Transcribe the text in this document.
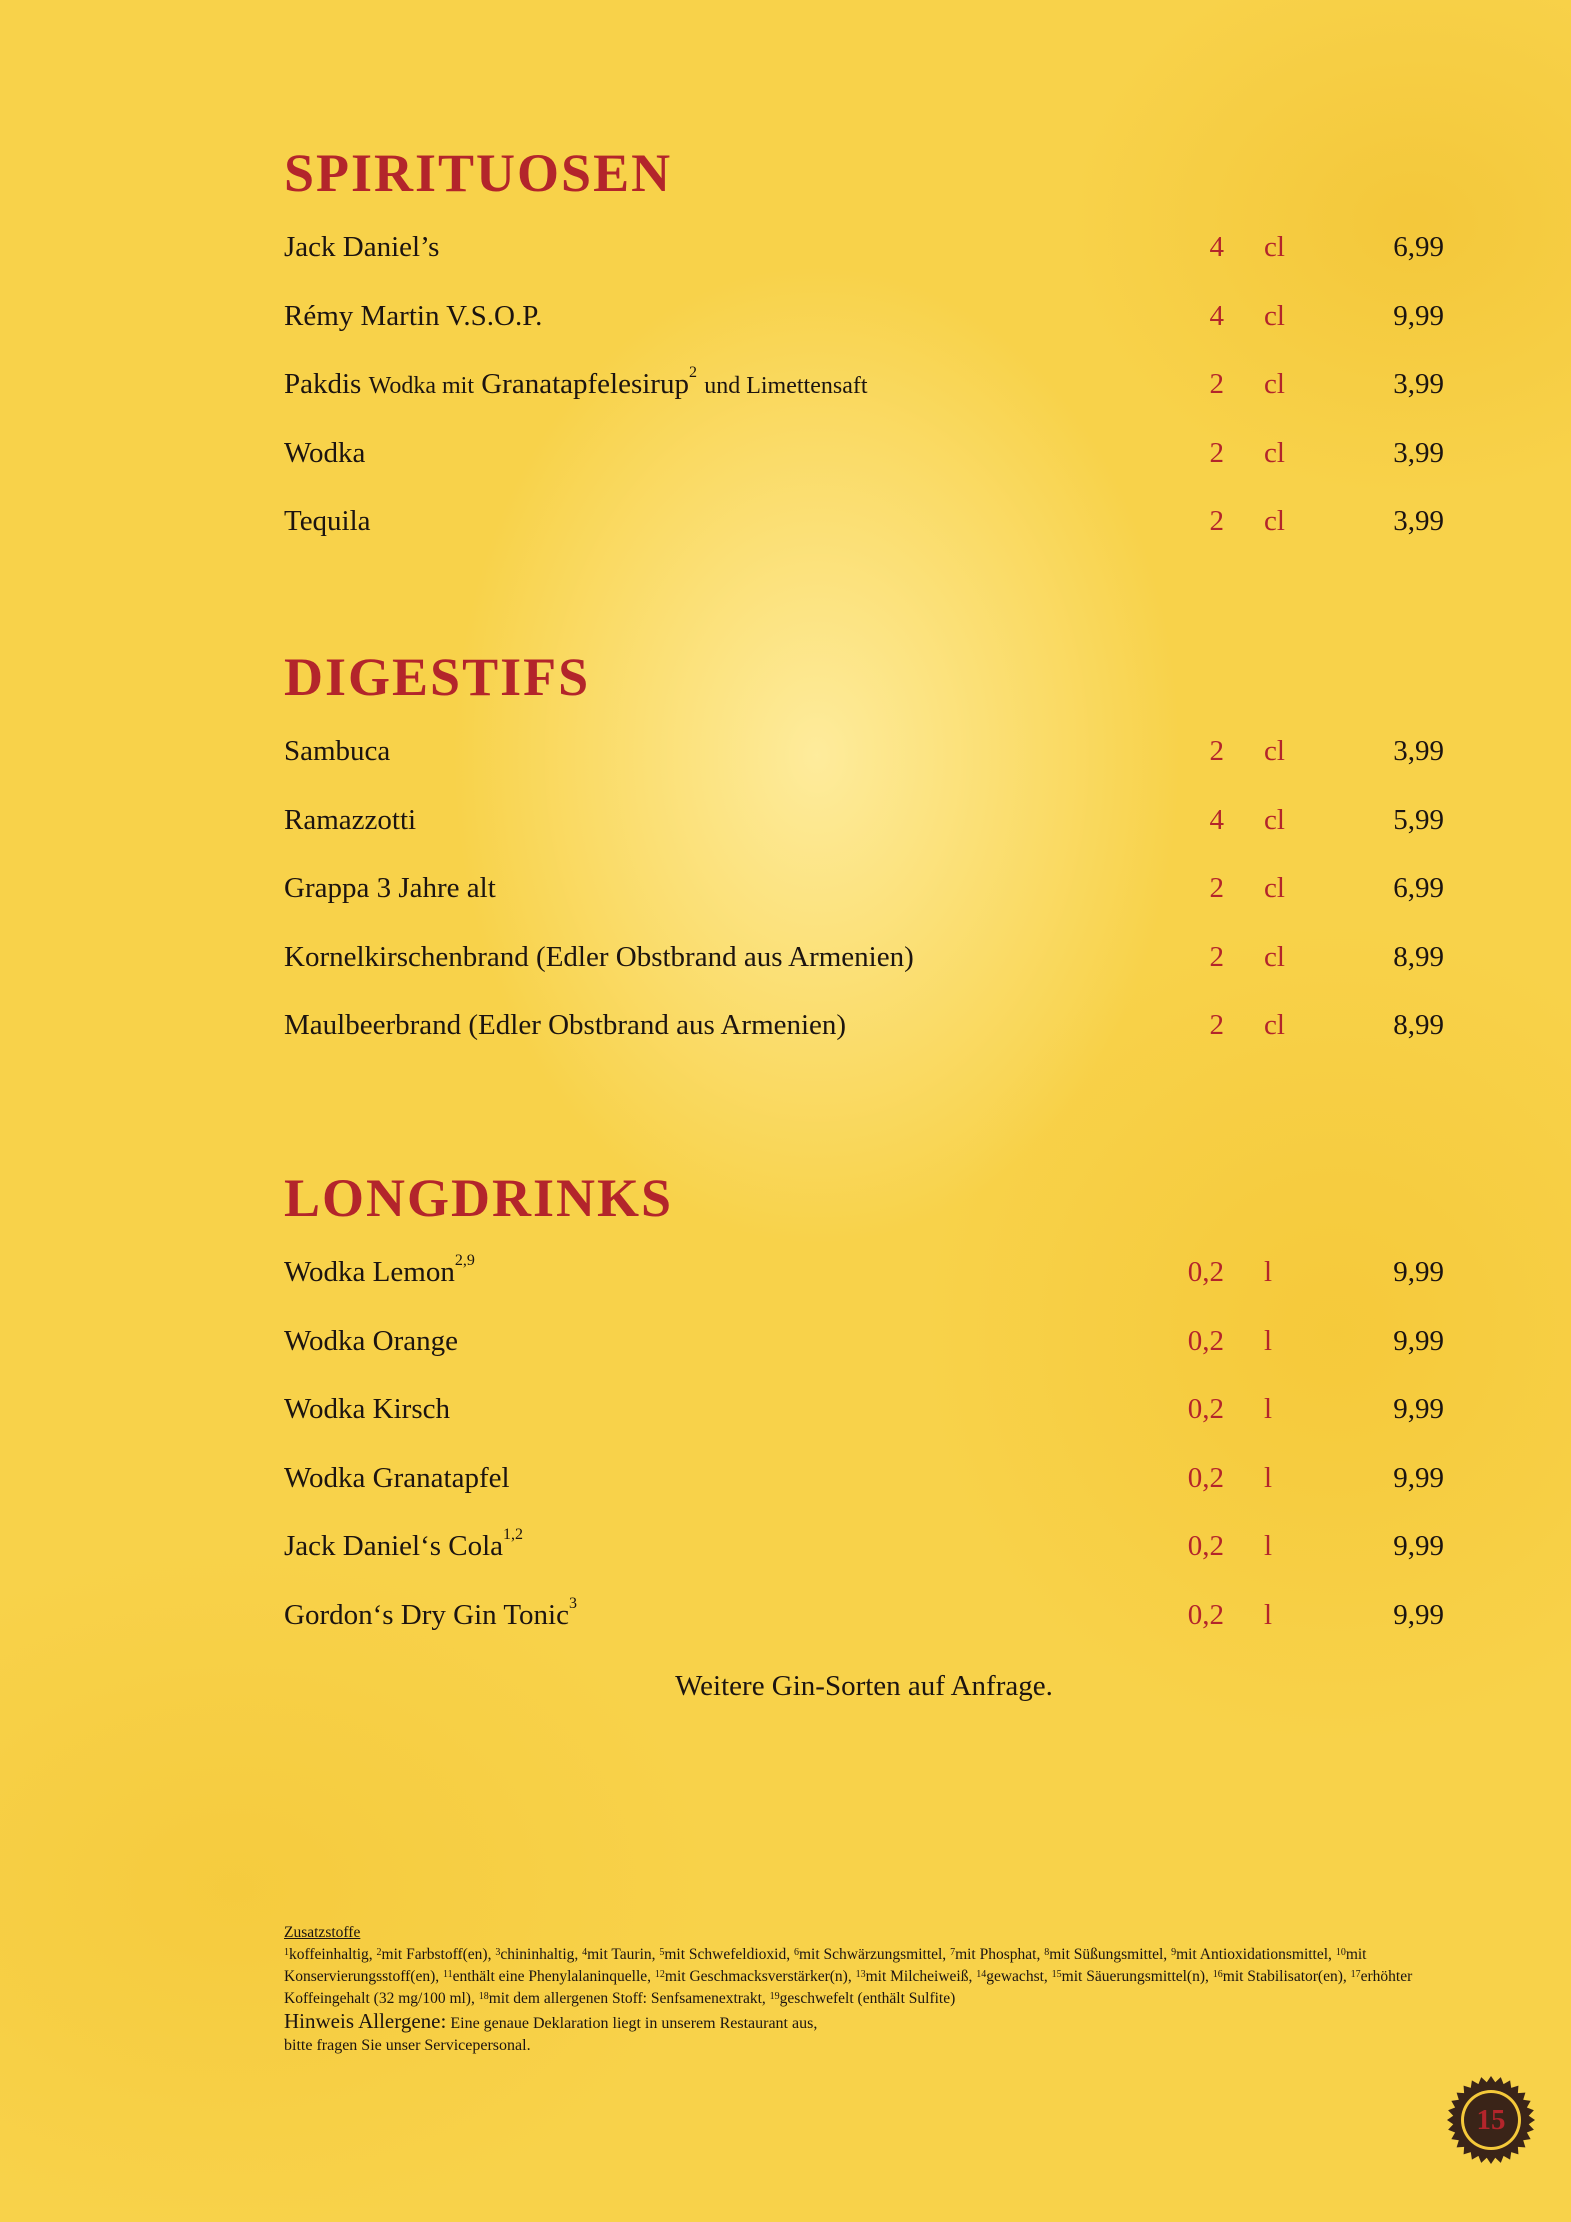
SPIRITUOSEN
Jack Daniel’s	4 cl	6,99
Rémy Martin V.S.O.P.	4 cl	9,99
Pakdis Wodka mit Granatapfelesirup$^2$ und Limettensaft	2 cl	3,99
Wodka	2 cl	3,99
Tequila	2 cl	3,99
DIGESTIFS
Sambuca	2 cl	3,99
Ramazzotti	4 cl	5,99
Grappa 3 Jahre alt	2 cl	6,99
Kornelkirschenbrand (Edler Obstbrand aus Armenien)	2 cl	8,99
Maulbeerbrand (Edler Obstbrand aus Armenien)	2 cl	8,99
LONGDRINKS
Wodka Lemon$^{2,9}$	0,2 l	9,99
Wodka Orange	0,2 l	9,99
Wodka Kirsch	0,2 l	9,99
Wodka Granatapfel	0,2 l	9,99
Jack Daniel‘s Cola$^{1,2}$	0,2 l	9,99
Gordon‘s Dry Gin Tonic$^3$	0,2 l	9,99
Weitere Gin-Sorten auf Anfrage.
Zusatzstoffe
$^1$koffeinhaltig, $^2$mit Farbstoff(en), $^3$chininhaltig, $^4$mit Taurin, $^5$mit Schwefeldioxid, $^6$mit Schwärzungsmittel, $^7$mit Phosphat, $^8$mit Süßungsmittel, $^9$mit Antioxidationsmittel, $^{10}$mit Konservierungsstoff(en), $^{11}$enthält eine Phenylalaninquelle, $^{12}$mit Geschmacksverstärker(n), $^{13}$mit Milcheiweiß, $^{14}$gewachst, $^{15}$mit Säuerungsmittel(n), $^{16}$mit Stabilisator(en), $^{17}$erhöhter Koffeingehalt (32 mg/100 ml), $^{18}$mit dem allergenen Stoff: Senfsamenextrakt, $^{19}$geschwefelt (enthält Sulfite)
Hinweis Allergene: Eine genaue Deklaration liegt in unserem Restaurant aus,
bitte fragen Sie unser Servicepersonal.
15
